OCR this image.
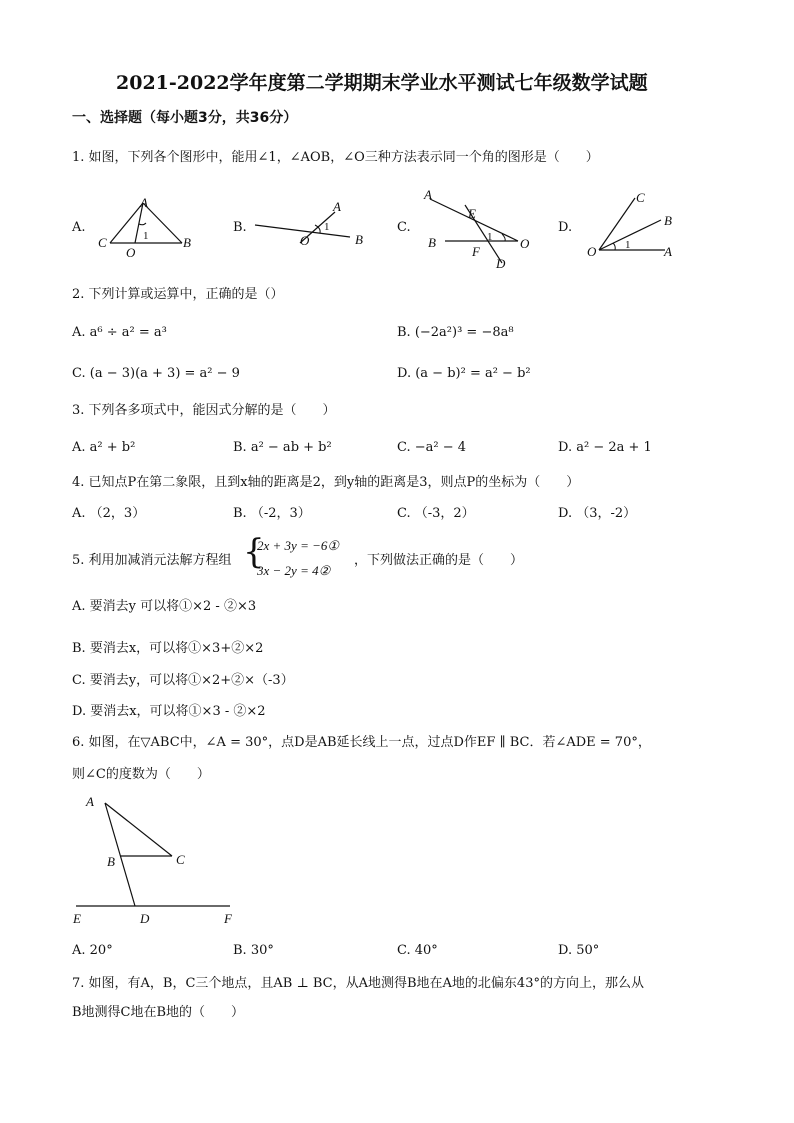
2021-2022学年度第二学期期末学业水平测试七年级数学试题
一、选择题（每小题3分，共36分）
1. 如图，下列各个图形中，能用∠1，∠AOB，∠O三种方法表示同一个角的图形是（　　）
A.
A
C
O
B
1
B.
A
O	B
1	C.
A
E
B
F
D
O
1
D.
C
B
O	A
1
2. 下列计算或运算中，正确的是（）
A. a⁶ ÷ a² = a³	B. (−2a²)³ = −8a⁸
C. (a − 3)(a + 3) = a² − 9	D. (a − b)² = a² − b²
3. 下列各多项式中，能因式分解的是（　　）
A. a² + b²	B. a² − ab + b²	C. −a² − 4	D. a² − 2a + 1
4. 已知点P在第二象限，且到x轴的距离是2，到y轴的距离是3，则点P的坐标为（　　）
A. （2，3）	B. （-2，3）	C. （-3，2）	D. （3，-2）
5. 利用加减消元法解方程组 {
2x + 3y = −6①
3x − 2y = 4②
，下列做法正确的是（　　）
A. 要消去y 可以将①×2 - ②×3
B. 要消去x，可以将①×3+②×2
C. 要消去y，可以将①×2+②×（-3）
D. 要消去x，可以将①×3 - ②×2
6. 如图，在▽ABC中，∠A = 30°，点D是AB延长线上一点，过点D作EF ∥ BC．若∠ADE = 70°，
则∠C的度数为（　　）
A
B	C
E	D	F
A. 20°	B. 30°	C. 40°	D. 50°
7. 如图，有A，B，C三个地点，且AB ⊥ BC，从A地测得B地在A地的北偏东43°的方向上，那么从
B地测得C地在B地的（　　）
